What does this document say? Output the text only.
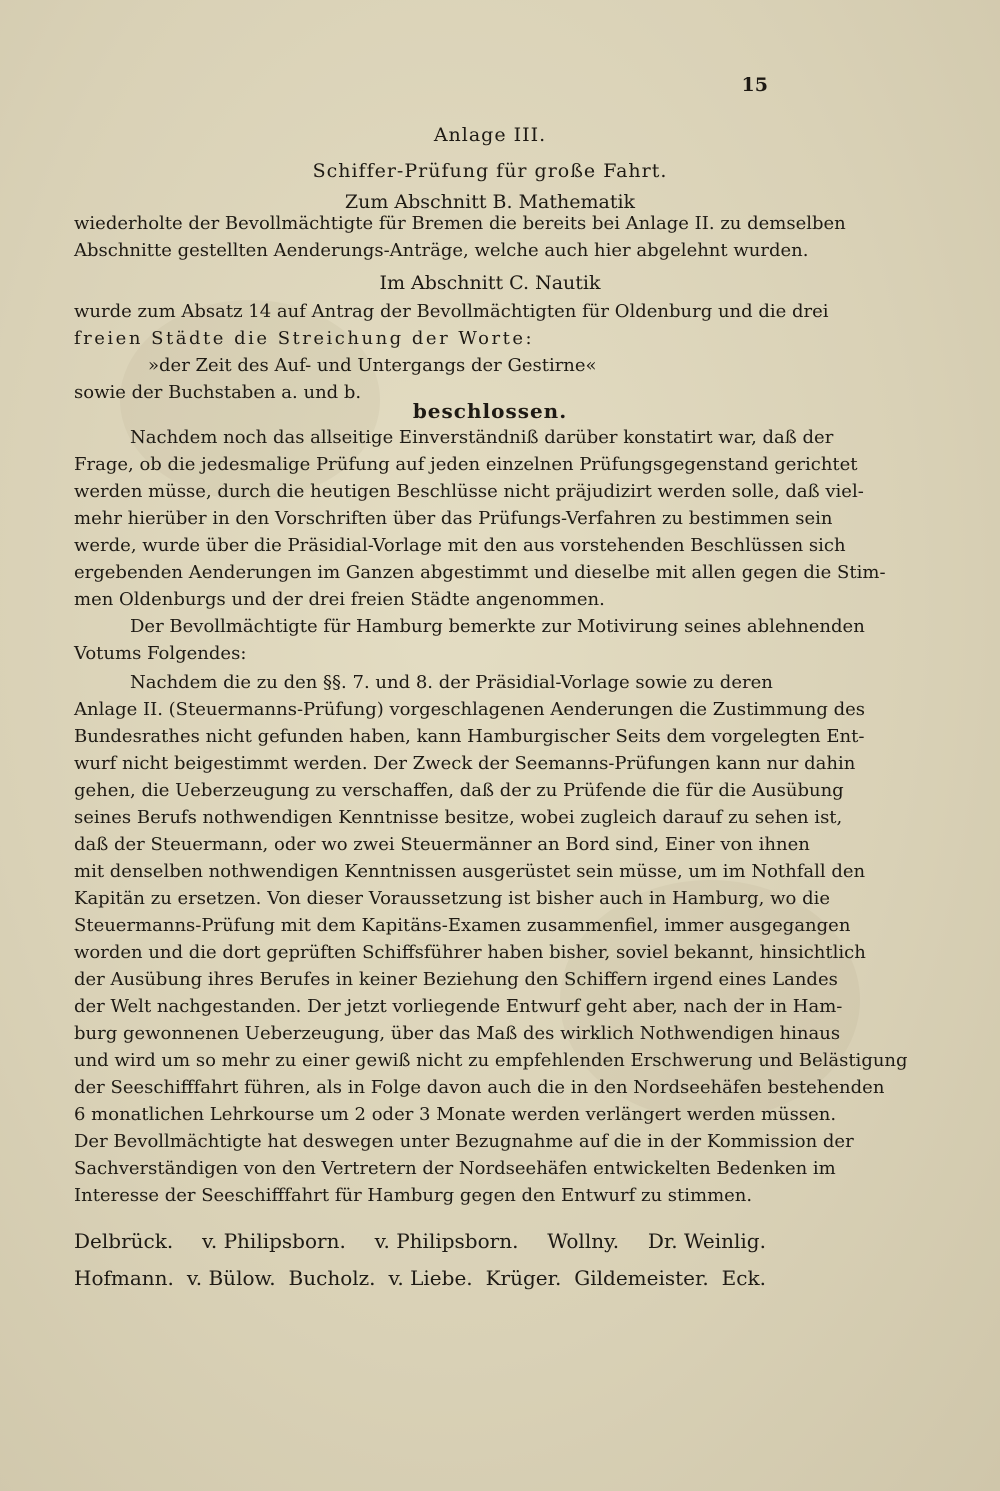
15
Anlage III.
Schiffer-Prüfung für große Fahrt.
Zum Abschnitt B. Mathematik
wiederholte der Bevollmächtigte für Bremen die bereits bei Anlage II. zu demselben
Abschnitte gestellten Aenderungs-Anträge, welche auch hier abgelehnt wurden.
Im Abschnitt C. Nautik
wurde zum Absatz 14 auf Antrag der Bevollmächtigten für Oldenburg und die drei
freien Städte die Streichung der Worte:
»der Zeit des Auf- und Untergangs der Gestirne«
sowie der Buchstaben a. und b.
beschlossen.
Nachdem noch das allseitige Einverständniß darüber konstatirt war, daß der
Frage, ob die jedesmalige Prüfung auf jeden einzelnen Prüfungsgegenstand gerichtet
werden müsse, durch die heutigen Beschlüsse nicht präjudizirt werden solle, daß viel-
mehr hierüber in den Vorschriften über das Prüfungs-Verfahren zu bestimmen sein
werde, wurde über die Präsidial-Vorlage mit den aus vorstehenden Beschlüssen sich
ergebenden Aenderungen im Ganzen abgestimmt und dieselbe mit allen gegen die Stim-
men Oldenburgs und der drei freien Städte angenommen.
Der Bevollmächtigte für Hamburg bemerkte zur Motivirung seines ablehnenden
Votums Folgendes:
Nachdem die zu den §§. 7. und 8. der Präsidial-Vorlage sowie zu deren
Anlage II. (Steuermanns-Prüfung) vorgeschlagenen Aenderungen die Zustimmung des
Bundesrathes nicht gefunden haben, kann Hamburgischer Seits dem vorgelegten Ent-
wurf nicht beigestimmt werden. Der Zweck der Seemanns-Prüfungen kann nur dahin
gehen, die Ueberzeugung zu verschaffen, daß der zu Prüfende die für die Ausübung
seines Berufs nothwendigen Kenntnisse besitze, wobei zugleich darauf zu sehen ist,
daß der Steuermann, oder wo zwei Steuermänner an Bord sind, Einer von ihnen
mit denselben nothwendigen Kenntnissen ausgerüstet sein müsse, um im Nothfall den
Kapitän zu ersetzen. Von dieser Voraussetzung ist bisher auch in Hamburg, wo die
Steuermanns-Prüfung mit dem Kapitäns-Examen zusammenfiel, immer ausgegangen
worden und die dort geprüften Schiffsführer haben bisher, soviel bekannt, hinsichtlich
der Ausübung ihres Berufes in keiner Beziehung den Schiffern irgend eines Landes
der Welt nachgestanden. Der jetzt vorliegende Entwurf geht aber, nach der in Ham-
burg gewonnenen Ueberzeugung, über das Maß des wirklich Nothwendigen hinaus
und wird um so mehr zu einer gewiß nicht zu empfehlenden Erschwerung und Belästigung
der Seeschifffahrt führen, als in Folge davon auch die in den Nordseehäfen bestehenden
6 monatlichen Lehrkourse um 2 oder 3 Monate werden verlängert werden müssen.
Der Bevollmächtigte hat deswegen unter Bezugnahme auf die in der Kommission der
Sachverständigen von den Vertretern der Nordseehäfen entwickelten Bedenken im
Interesse der Seeschifffahrt für Hamburg gegen den Entwurf zu stimmen.
Delbrück. v. Philipsborn. v. Philipsborn. Wollny. Dr. Weinlig.
Hofmann. v. Bülow. Bucholz. v. Liebe. Krüger. Gildemeister. Eck.
